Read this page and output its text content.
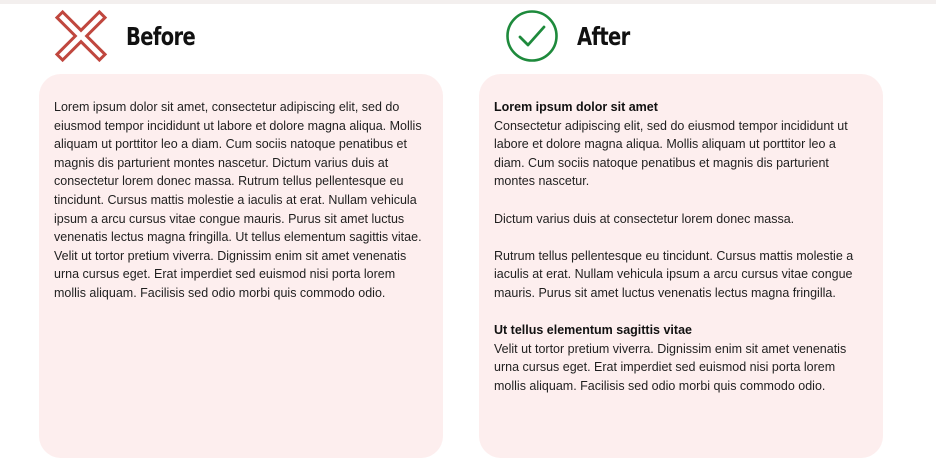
Before	After

Lorem ipsum dolor sit amet, consectetur adipiscing elit, sed do eiusmod tempor incididunt ut labore et dolore magna aliqua. Mollis aliquam ut porttitor leo a diam. Cum sociis natoque penatibus et magnis dis parturient montes nascetur. Dictum varius duis at consectetur lorem donec massa. Rutrum tellus pellentesque eu tincidunt. Cursus mattis molestie a iaculis at erat. Nullam vehicula ipsum a arcu cursus vitae congue mauris. Purus sit amet luctus venenatis lectus magna fringilla. Ut tellus elementum sagittis vitae. Velit ut tortor pretium viverra. Dignissim enim sit amet venenatis urna cursus eget. Erat imperdiet sed euismod nisi porta lorem mollis aliquam. Facilisis sed odio morbi quis commodo odio.

Lorem ipsum dolor sit amet
Consectetur adipiscing elit, sed do eiusmod tempor incididunt ut labore et dolore magna aliqua. Mollis aliquam ut porttitor leo a diam. Cum sociis natoque penatibus et magnis dis parturient montes nascetur.
Dictum varius duis at consectetur lorem donec massa.
Rutrum tellus pellentesque eu tincidunt. Cursus mattis molestie a iaculis at erat. Nullam vehicula ipsum a arcu cursus vitae congue mauris. Purus sit amet luctus venenatis lectus magna fringilla.
Ut tellus elementum sagittis vitae
Velit ut tortor pretium viverra. Dignissim enim sit amet venenatis urna cursus eget. Erat imperdiet sed euismod nisi porta lorem mollis aliquam. Facilisis sed odio morbi quis commodo odio.
